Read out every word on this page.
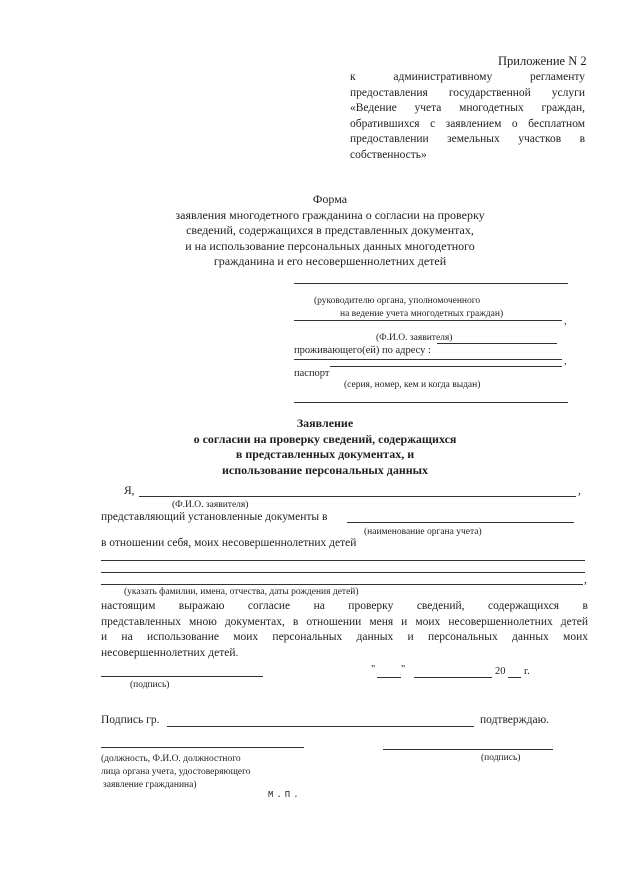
Приложение N 2
к административному регламенту
предоставления государственной услуги
«Ведение учета многодетных граждан,
обратившихся с заявлением о бесплатном
предоставлении земельных участков в
собственность»
Форма
заявления многодетного гражданина о согласии на проверку
сведений, содержащихся в представленных документах,
и на использование персональных данных многодетного
гражданина и его несовершеннолетних детей
(руководителю органа, уполномоченного
на ведение учета многодетных граждан)
,
(Ф.И.О. заявителя)
проживающего(ей) по адресу :
,
паспорт
(серия, номер, кем и когда выдан)
Заявление
о согласии на проверку сведений, содержащихся
в представленных документах, и
использование персональных данных
Я,	,
(Ф.И.О. заявителя)
представляющий установленные документы в
(наименование органа учета)
в отношении себя, моих несовершеннолетних детей
,
(указать фамилии, имена, отчества, даты рождения детей)
настоящим выражаю согласие на проверку сведений, содержащихся в
представленных мною документах, в отношении меня и моих несовершеннолетних детей
и на использование моих персональных данных и персональных данных моих
несовершеннолетних детей.
(подпись)
" "	20 г.
Подпись гр.	подтверждаю.
(должность, Ф.И.О. должностного
лица органа учета, удостоверяющего
заявление гражданина)
(подпись)
М.П.
